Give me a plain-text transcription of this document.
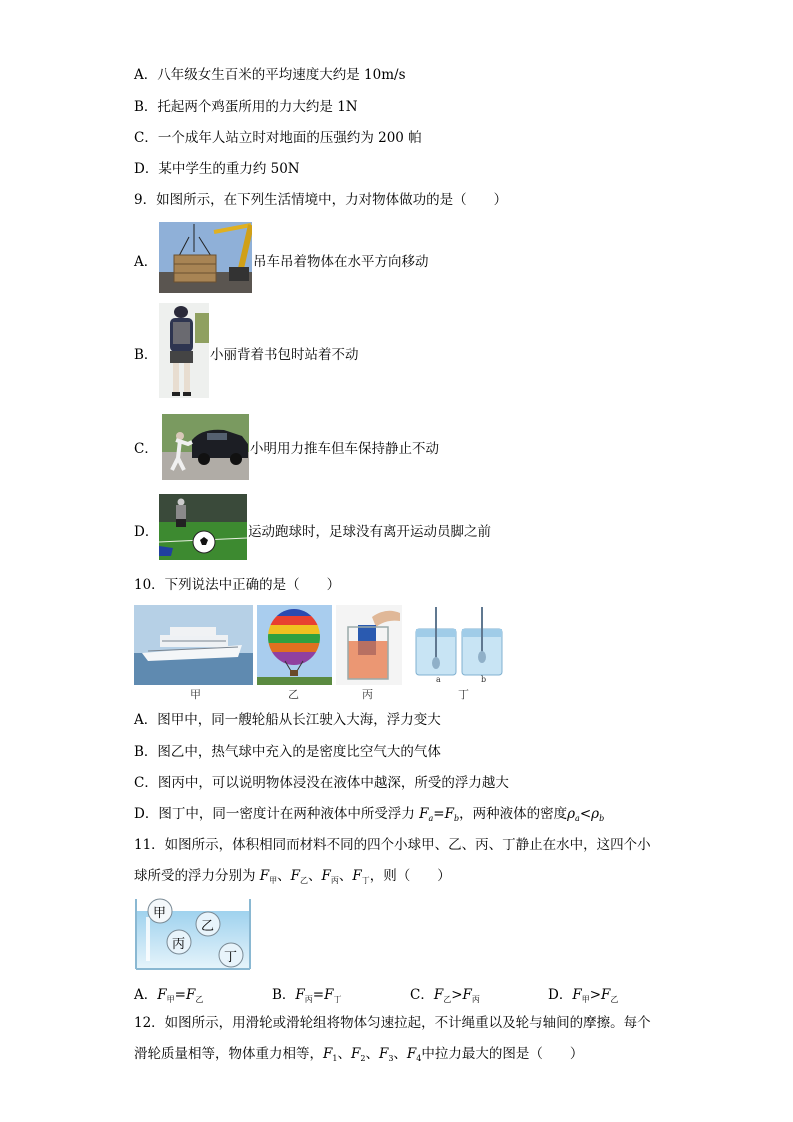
A．八年级女生百米的平均速度大约是 10m/s
B．托起两个鸡蛋所用的力大约是 1N
C．一个成年人站立时对地面的压强约为 200 帕
D．某中学生的重力约 50N
9．如图所示，在下列生活情境中，力对物体做功的是（　　）
A．	吊车吊着物体在水平方向移动
B．	小丽背着书包时站着不动
C．	小明用力推车但车保持静止不动
D．	运动跑球时，足球没有离开运动员脚之前
10．下列说法中正确的是（　　）
甲	乙	丙	丁
a	b
A．图甲中，同一艘轮船从长江驶入大海，浮力变大
B．图乙中，热气球中充入的是密度比空气大的气体
C．图丙中，可以说明物体浸没在液体中越深，所受的浮力越大
D．图丁中，同一密度计在两种液体中所受浮力 $F_a=F_b$，两种液体的密度$\rho_a<\rho_b$
11．如图所示，体积相同而材料不同的四个小球甲、乙、丙、丁静止在水中，这四个小
球所受的浮力分别为 $F_甲$、$F_乙$、$F_丙$、$F_丁$，则（　　）
甲
乙
丙
丁
A．$F_甲=F_乙$	B．$F_丙=F_丁$	C．$F_乙>F_丙$	D．$F_甲>F_乙$
12．如图所示，用滑轮或滑轮组将物体匀速拉起，不计绳重以及轮与轴间的摩擦。每个
滑轮质量相等，物体重力相等，$F_1$、$F_2$、$F_3$、$F_4$中拉力最大的图是（　　）
